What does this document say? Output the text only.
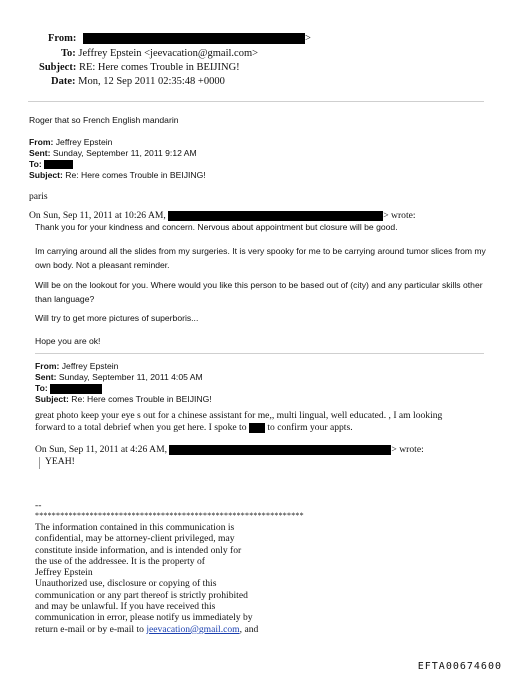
From:	>
To: Jeffrey Epstein <jeevacation@gmail.com>
Subject: RE: Here comes Trouble in BEIJING!
Date: Mon, 12 Sep 2011 02:35:48 +0000
Roger that so French English mandarin
From: Jeffrey Epstein
Sent: Sunday, September 11, 2011 9:12 AM
To:
Subject: Re: Here comes Trouble in BEIJING!
paris
On Sun, Sep 11, 2011 at 10:26 AM,	> wrote:
Thank you for your kindness and concern. Nervous about appointment but closure will be good.
Im carrying around all the slides from my surgeries. It is very spooky for me to be carrying around tumor slices from my
own body. Not a pleasant reminder.
Will be on the lookout for you. Where would you like this person to be based out of (city) and any particular skills other
than language?
Will try to get more pictures of superboris...
Hope you are ok!
From: Jeffrey Epstein
Sent: Sunday, September 11, 2011 4:05 AM
To:
Subject: Re: Here comes Trouble in BEIJING!
great photo keep your eye s out for a chinese assistant for me,, multi lingual, well educated. , I am looking
forward to a total debrief when you get here. I spoke to to confirm your appts.
On Sun, Sep 11, 2011 at 4:26 AM,	> wrote:
YEAH!
--
****************************************************************
The information contained in this communication is
confidential, may be attorney-client privileged, may
constitute inside information, and is intended only for
the use of the addressee. It is the property of
Jeffrey Epstein
Unauthorized use, disclosure or copying of this
communication or any part thereof is strictly prohibited
and may be unlawful. If you have received this
communication in error, please notify us immediately by
return e-mail or by e-mail to jeevacation@gmail.com, and
EFTA00674600
